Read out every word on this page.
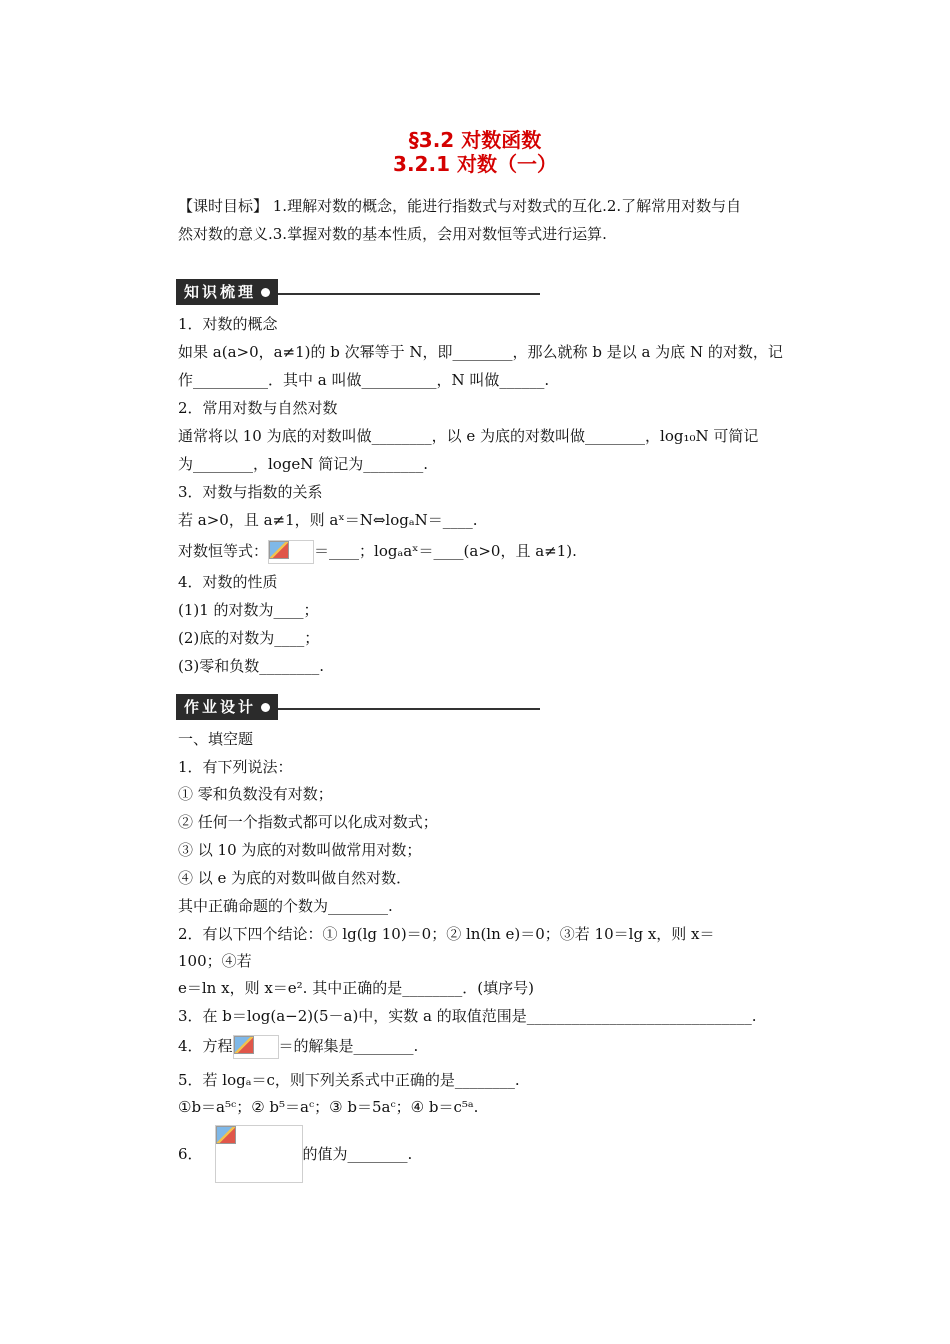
§3.2 对数函数
3.2.1 对数（一）
【课时目标】 1.理解对数的概念，能进行指数式与对数式的互化.2.了解常用对数与自
然对数的意义.3.掌握对数的基本性质，会用对数恒等式进行运算.
知识梳理
1．对数的概念
如果 a(a>0，a≠1)的 b 次幂等于 N，即________，那么就称 b 是以 a 为底 N 的对数，记
作__________．其中 a 叫做__________，N 叫做______.
2．常用对数与自然对数
通常将以 10 为底的对数叫做________，以 e 为底的对数叫做________，log₁₀N 可简记
为________，logeN 简记为________.
3．对数与指数的关系
若 a>0，且 a≠1，则 aˣ＝N⇔logₐN＝____.
对数恒等式：	＝____；logₐaˣ＝____(a>0，且 a≠1).
4．对数的性质
(1)1 的对数为____；
(2)底的对数为____；
(3)零和负数________.
作业设计
一、填空题
1．有下列说法：
① 零和负数没有对数；
② 任何一个指数式都可以化成对数式；
③ 以 10 为底的对数叫做常用对数；
④ 以 e 为底的对数叫做自然对数．
其中正确命题的个数为________.
2．有以下四个结论：① lg(lg 10)＝0；② ln(ln e)＝0；③若 10＝lg x，则 x＝
100；④若
e＝ln x，则 x＝e². 其中正确的是________．(填序号)
3．在 b＝log(a−2)(5－a)中，实数 a 的取值范围是______________________________.
4．方程	＝的解集是________.
5．若 logₐ＝c，则下列关系式中正确的是________.
①b＝a⁵ᶜ；② b⁵＝aᶜ；③ b＝5aᶜ；④ b＝c⁵ᵃ.
6．	的值为________.
